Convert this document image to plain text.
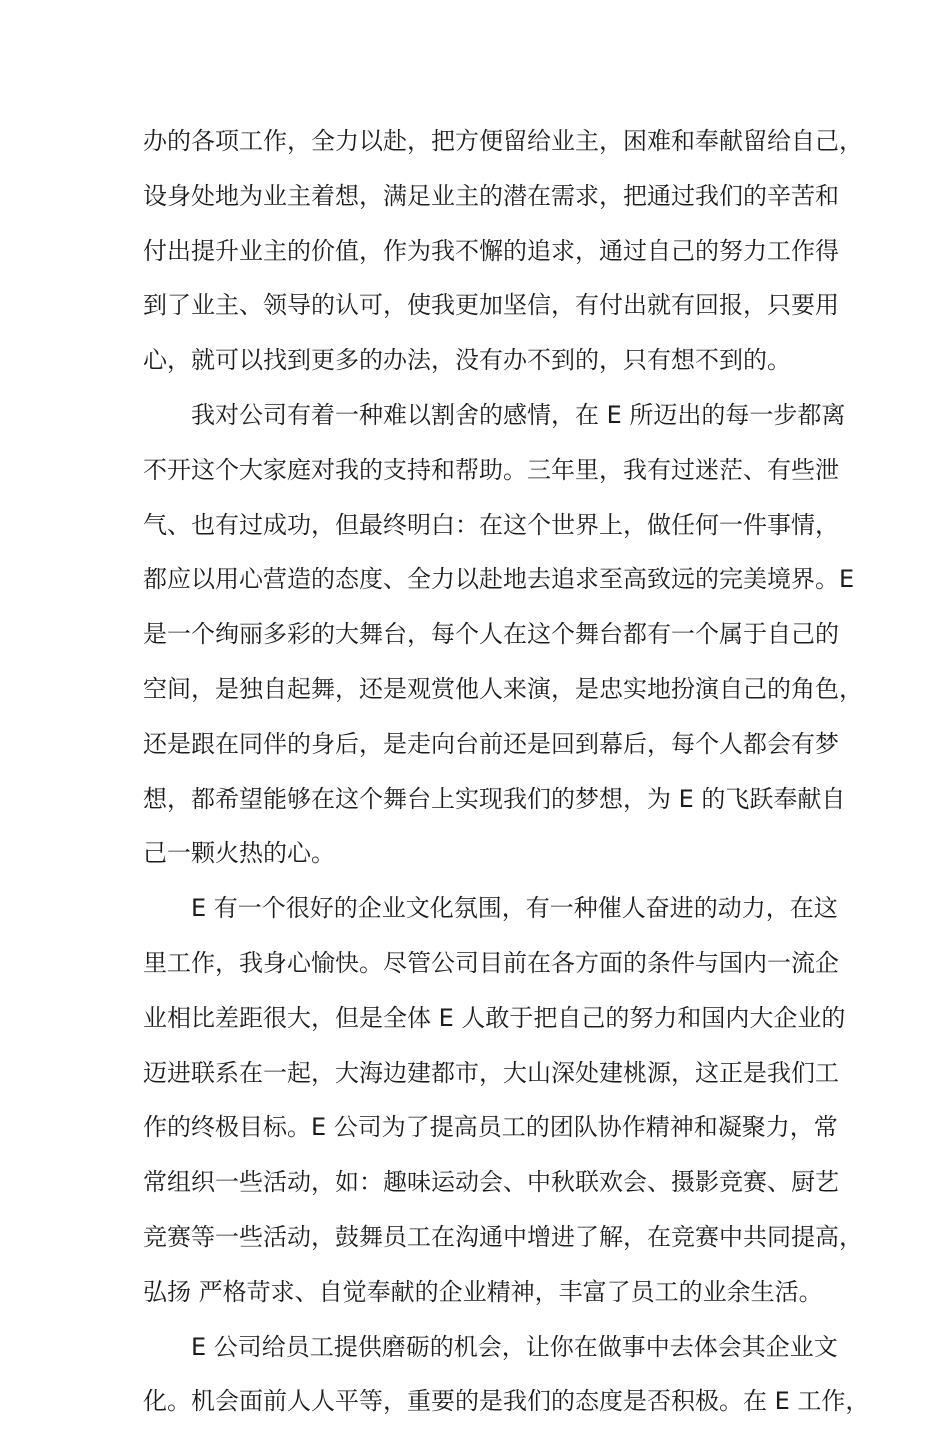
办的各项工作，全力以赴，把方便留给业主，困难和奉献留给自己，
设身处地为业主着想，满足业主的潜在需求，把通过我们的辛苦和
付出提升业主的价值，作为我不懈的追求，通过自己的努力工作得
到了业主、领导的认可，使我更加坚信，有付出就有回报，只要用
心，就可以找到更多的办法，没有办不到的，只有想不到的。
我对公司有着一种难以割舍的感情，在 E 所迈出的每一步都离
不开这个大家庭对我的支持和帮助。三年里，我有过迷茫、有些泄
气、也有过成功，但最终明白：在这个世界上，做任何一件事情，
都应以用心营造的态度、全力以赴地去追求至高致远的完美境界。E
是一个绚丽多彩的大舞台，每个人在这个舞台都有一个属于自己的
空间，是独自起舞，还是观赏他人来演，是忠实地扮演自己的角色，
还是跟在同伴的身后，是走向台前还是回到幕后，每个人都会有梦
想，都希望能够在这个舞台上实现我们的梦想，为 E 的飞跃奉献自
己一颗火热的心。
E 有一个很好的企业文化氛围，有一种催人奋进的动力，在这
里工作，我身心愉快。尽管公司目前在各方面的条件与国内一流企
业相比差距很大，但是全体 E 人敢于把自己的努力和国内大企业的
迈进联系在一起，大海边建都市，大山深处建桃源，这正是我们工
作的终极目标。E 公司为了提高员工的团队协作精神和凝聚力，常
常组织一些活动，如：趣味运动会、中秋联欢会、摄影竞赛、厨艺
竞赛等一些活动，鼓舞员工在沟通中增进了解，在竞赛中共同提高，
弘扬 严格苛求、自觉奉献的企业精神，丰富了员工的业余生活。
E 公司给员工提供磨砺的机会，让你在做事中去体会其企业文
化。机会面前人人平等，重要的是我们的态度是否积极。在 E 工作，
